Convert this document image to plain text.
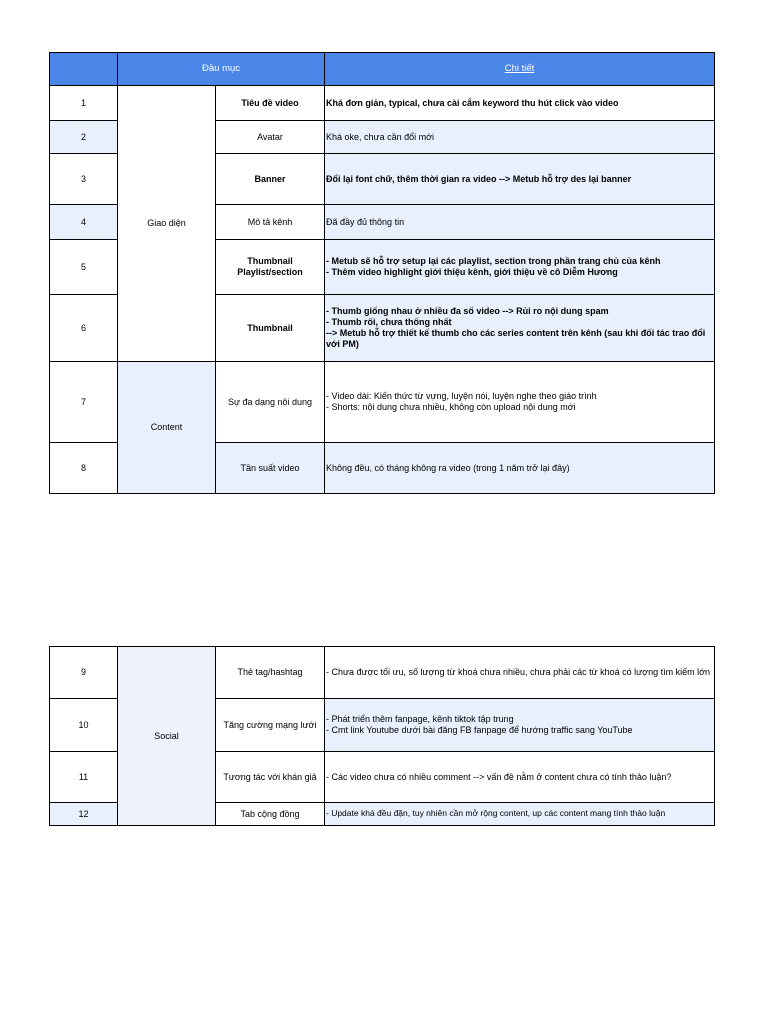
	Đầu mục		Chi tiết
1	Giao diện	Tiêu đề video	Khá đơn giản, typical, chưa cài cắm keyword thu hút click vào video

2		Avatar	Khá oke, chưa cần đổi mới

3		Banner	Đổi lại font chữ, thêm thời gian ra video --> Metub hỗ trợ des lại banner

4		Mô tả kênh	Đã đầy đủ thông tin

5		Thumbnail Playlist/section	- Metub sẽ hỗ trợ setup lại các playlist, section trong phần trang chủ của kênh
- Thêm video highlight giới thiệu kênh, giới thiệu về cô Diễm Hương

6		Thumbnail	- Thumb giống nhau ở nhiều đa số video --> Rủi ro nội dung spam
- Thumb rối, chưa thống nhất
--> Metub hỗ trợ thiết kế thumb cho các series content trên kênh (sau khi đối tác trao đổi với PM)

7	Content	Sự đa dạng nội dung	- Video dài: Kiến thức từ vựng, luyện nói, luyện nghe theo giáo trình
- Shorts: nội dung chưa nhiều, không còn upload nội dung mới

8		Tần suất video	Không đều, có tháng không ra video (trong 1 năm trở lại đây)
9	Social	Thẻ tag/hashtag	- Chưa được tối ưu, số lượng từ khoá chưa nhiều, chưa phải các từ khoá có lượng tìm kiếm lớn

10		Tăng cường mạng lưới	- Phát triển thêm fanpage, kênh tiktok tập trung
- Cmt link Youtube dưới bài đăng FB fanpage để hướng traffic sang YouTube

11		Tương tác với khán giả	- Các video chưa có nhiều comment --> vấn đề nằm ở content chưa có tính thảo luận?

12		Tab cộng đồng	- Update khá đều đặn, tuy nhiên cần mở rộng content, up các content mang tính thảo luận
